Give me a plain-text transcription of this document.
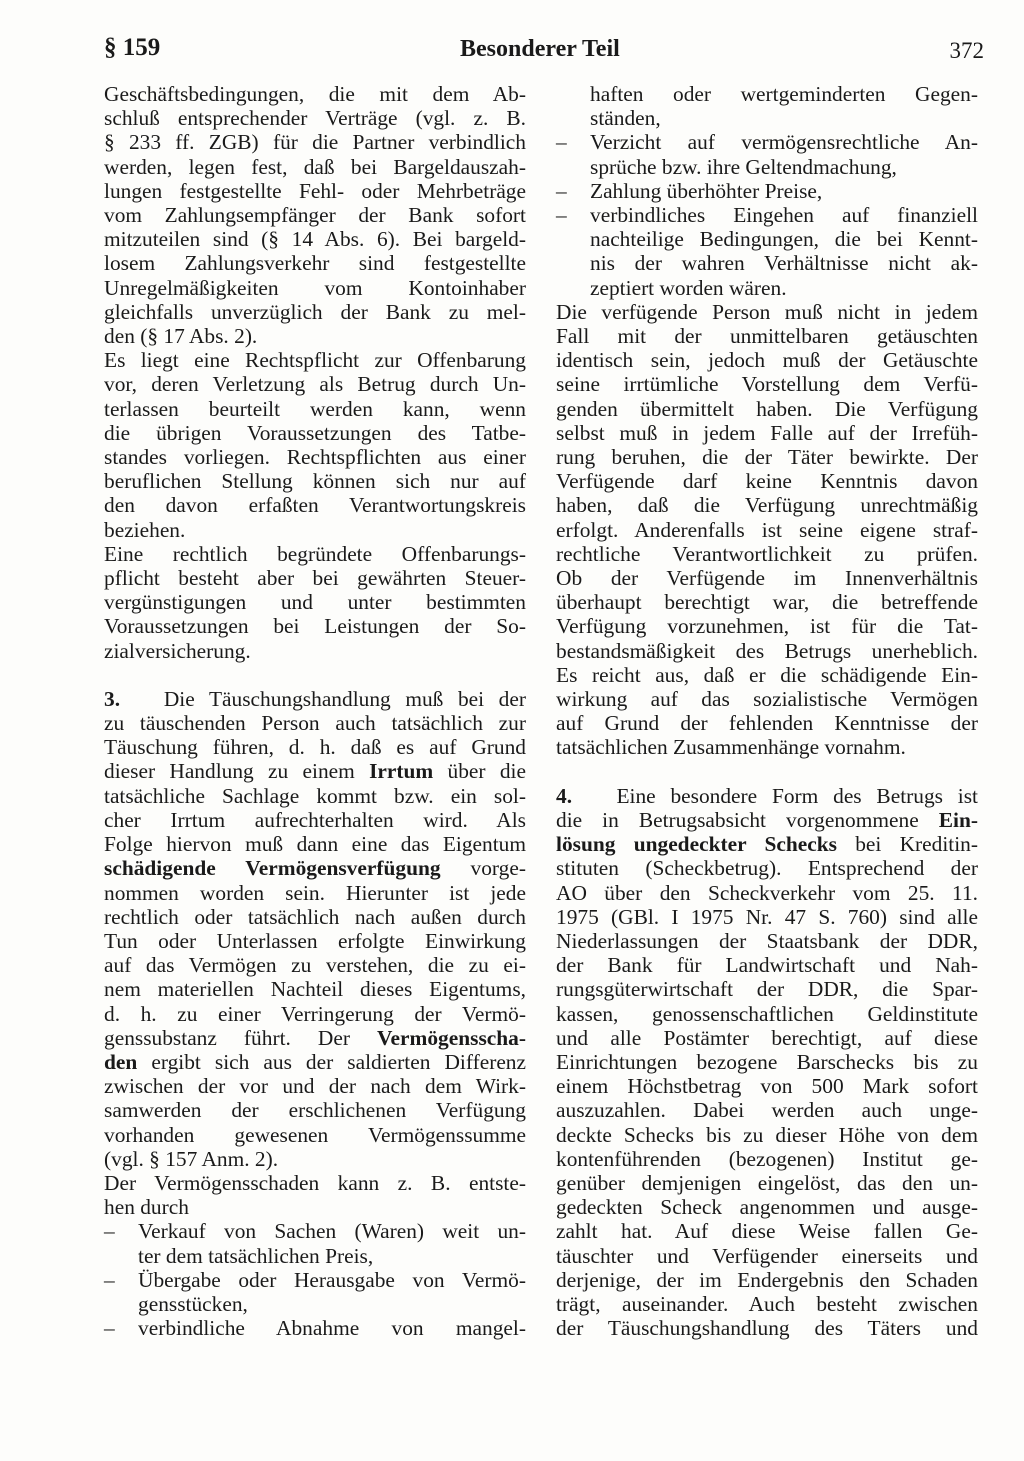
§ 159	Besonderer Teil	372
Geschäftsbedingungen, die mit dem Ab-
schluß entsprechender Verträge (vgl. z. B.
§ 233 ff. ZGB) für die Partner verbindlich
werden, legen fest, daß bei Bargeldauszah-
lungen festgestellte Fehl- oder Mehrbeträge
vom Zahlungsempfänger der Bank sofort
mitzuteilen sind (§ 14 Abs. 6). Bei bargeld-
losem Zahlungsverkehr sind festgestellte
Unregelmäßigkeiten vom Kontoinhaber
gleichfalls unverzüglich der Bank zu mel-
den (§ 17 Abs. 2).
Es liegt eine Rechtspflicht zur Offenbarung
vor, deren Verletzung als Betrug durch Un-
terlassen beurteilt werden kann, wenn
die übrigen Voraussetzungen des Tatbe-
standes vorliegen. Rechtspflichten aus einer
beruflichen Stellung können sich nur auf
den davon erfaßten Verantwortungskreis
beziehen.
Eine rechtlich begründete Offenbarungs-
pflicht besteht aber bei gewährten Steuer-
vergünstigungen und unter bestimmten
Voraussetzungen bei Leistungen der So-
zialversicherung.
3. Die Täuschungshandlung muß bei der
zu täuschenden Person auch tatsächlich zur
Täuschung führen, d. h. daß es auf Grund
dieser Handlung zu einem Irrtum über die
tatsächliche Sachlage kommt bzw. ein sol-
cher Irrtum aufrechterhalten wird. Als
Folge hiervon muß dann eine das Eigentum
schädigende Vermögensverfügung vorge-
nommen worden sein. Hierunter ist jede
rechtlich oder tatsächlich nach außen durch
Tun oder Unterlassen erfolgte Einwirkung
auf das Vermögen zu verstehen, die zu ei-
nem materiellen Nachteil dieses Eigentums,
d. h. zu einer Verringerung der Vermö-
genssubstanz führt. Der Vermögensscha-
den ergibt sich aus der saldierten Differenz
zwischen der vor und der nach dem Wirk-
samwerden der erschlichenen Verfügung
vorhanden gewesenen Vermögenssumme
(vgl. § 157 Anm. 2).
Der Vermögensschaden kann z. B. entste-
hen durch
– Verkauf von Sachen (Waren) weit un-
ter dem tatsächlichen Preis,
– Übergabe oder Herausgabe von Vermö-
gensstücken,
– verbindliche Abnahme von mangel-
haften oder wertgeminderten Gegen-
ständen,
– Verzicht auf vermögensrechtliche An-
sprüche bzw. ihre Geltendmachung,
– Zahlung überhöhter Preise,
– verbindliches Eingehen auf finanziell
nachteilige Bedingungen, die bei Kennt-
nis der wahren Verhältnisse nicht ak-
zeptiert worden wären.
Die verfügende Person muß nicht in jedem
Fall mit der unmittelbaren getäuschten
identisch sein, jedoch muß der Getäuschte
seine irrtümliche Vorstellung dem Verfü-
genden übermittelt haben. Die Verfügung
selbst muß in jedem Falle auf der Irrefüh-
rung beruhen, die der Täter bewirkte. Der
Verfügende darf keine Kenntnis davon
haben, daß die Verfügung unrechtmäßig
erfolgt. Anderenfalls ist seine eigene straf-
rechtliche Verantwortlichkeit zu prüfen.
Ob der Verfügende im Innenverhältnis
überhaupt berechtigt war, die betreffende
Verfügung vorzunehmen, ist für die Tat-
bestandsmäßigkeit des Betrugs unerheblich.
Es reicht aus, daß er die schädigende Ein-
wirkung auf das sozialistische Vermögen
auf Grund der fehlenden Kenntnisse der
tatsächlichen Zusammenhänge vornahm.
4. Eine besondere Form des Betrugs ist
die in Betrugsabsicht vorgenommene Ein-
lösung ungedeckter Schecks bei Kreditin-
stituten (Scheckbetrug). Entsprechend der
AO über den Scheckverkehr vom 25. 11.
1975 (GBl. I 1975 Nr. 47 S. 760) sind alle
Niederlassungen der Staatsbank der DDR,
der Bank für Landwirtschaft und Nah-
rungsgüterwirtschaft der DDR, die Spar-
kassen, genossenschaftlichen Geldinstitute
und alle Postämter berechtigt, auf diese
Einrichtungen bezogene Barschecks bis zu
einem Höchstbetrag von 500 Mark sofort
auszuzahlen. Dabei werden auch unge-
deckte Schecks bis zu dieser Höhe von dem
kontenführenden (bezogenen) Institut ge-
genüber demjenigen eingelöst, das den un-
gedeckten Scheck angenommen und ausge-
zahlt hat. Auf diese Weise fallen Ge-
täuschter und Verfügender einerseits und
derjenige, der im Endergebnis den Schaden
trägt, auseinander. Auch besteht zwischen
der Täuschungshandlung des Täters und
